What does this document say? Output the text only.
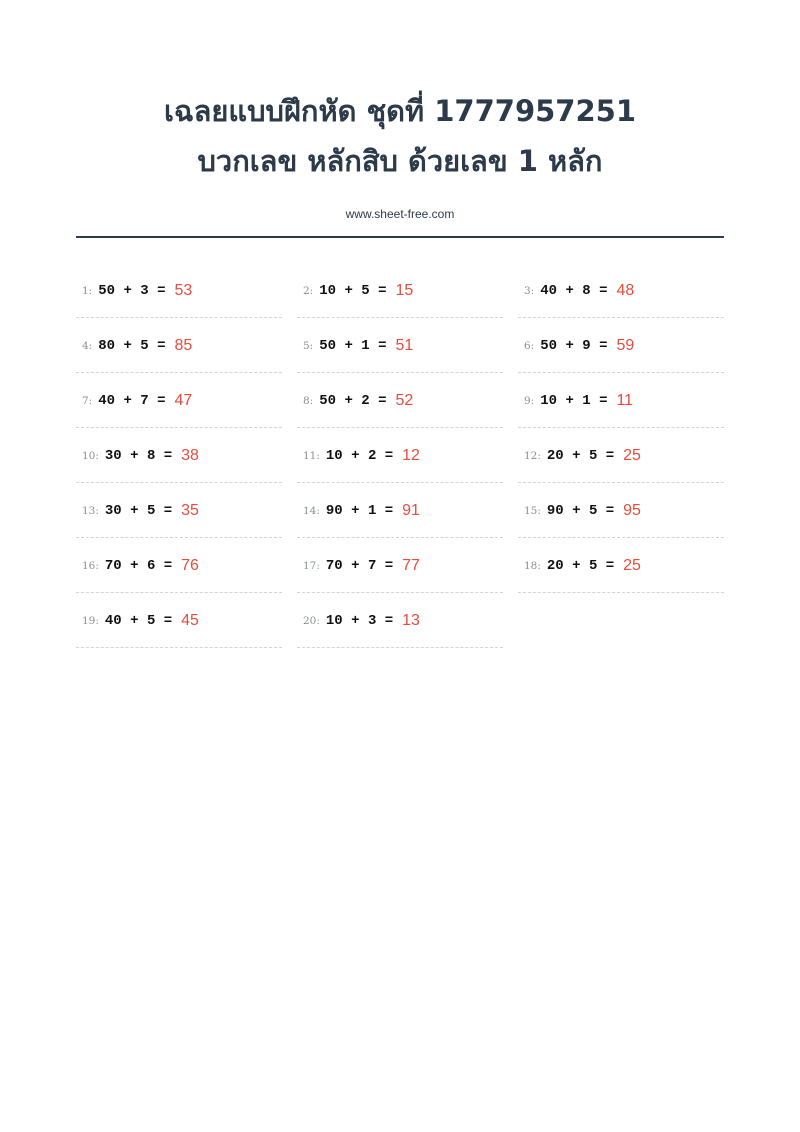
เฉลยแบบฝึกหัด ชุดที่ 1777957251
บวกเลข หลักสิบ ด้วยเลข 1 หลัก
www.sheet-free.com
1: 50 + 3 = 53	2: 10 + 5 = 15	3: 40 + 8 = 48
4: 80 + 5 = 85	5: 50 + 1 = 51	6: 50 + 9 = 59
7: 40 + 7 = 47	8: 50 + 2 = 52	9: 10 + 1 = 11
10: 30 + 8 = 38	11: 10 + 2 = 12	12: 20 + 5 = 25
13: 30 + 5 = 35	14: 90 + 1 = 91	15: 90 + 5 = 95
16: 70 + 6 = 76	17: 70 + 7 = 77	18: 20 + 5 = 25
19: 40 + 5 = 45	20: 10 + 3 = 13
